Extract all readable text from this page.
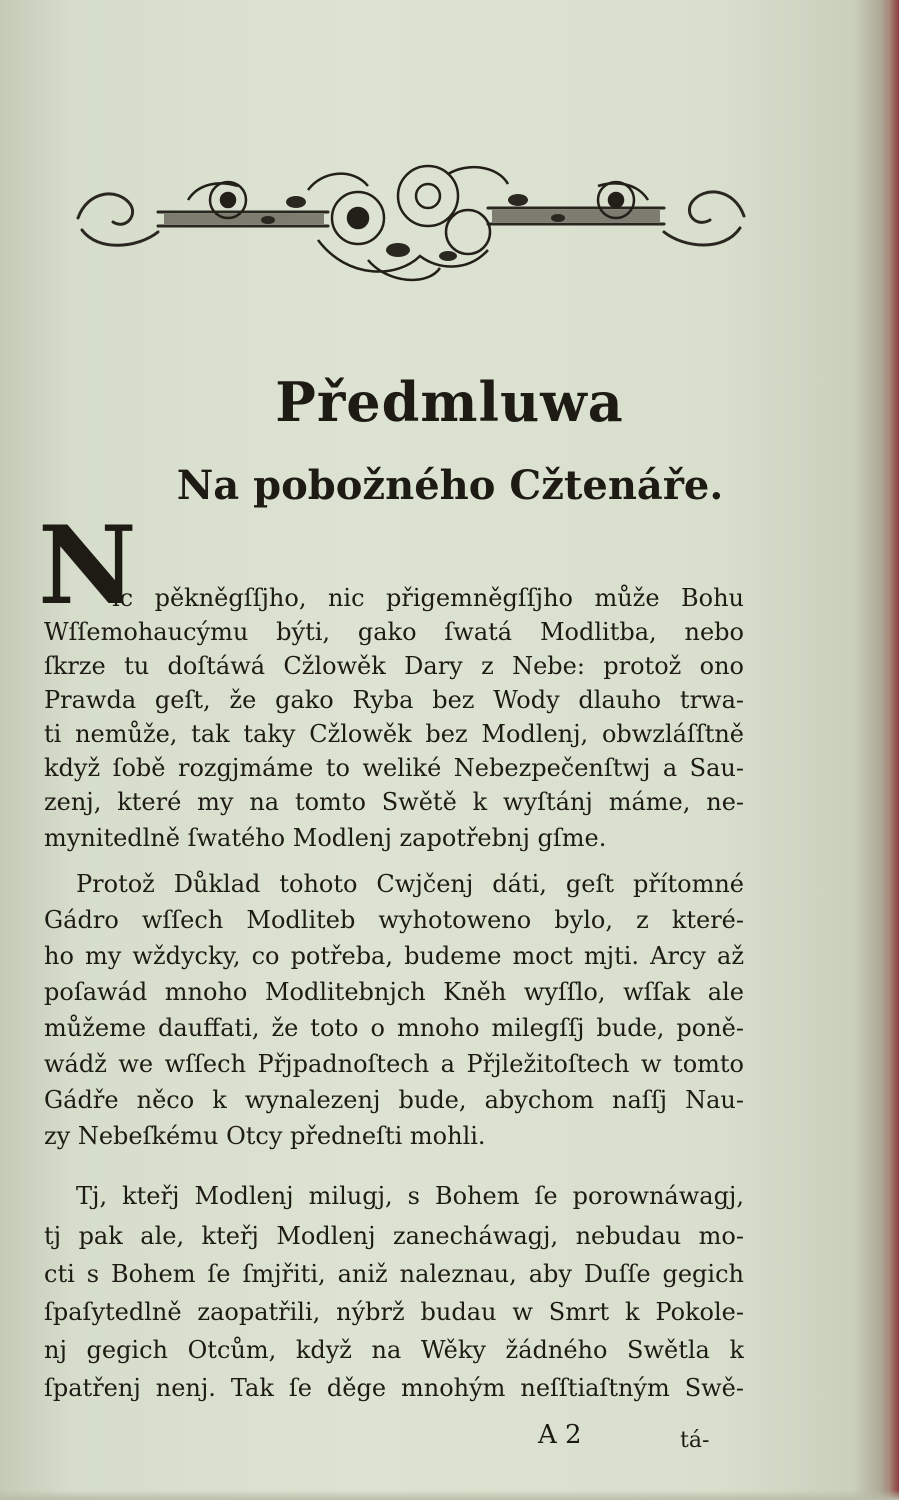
Předmluwa
Na pobožného Cžtenáře.
N
ic pěkněgſſjho, nic přigemněgſſjho může Bohu
Wſſemohaucýmu býti, gako ſwatá Modlitba, nebo
ſkrze tu doſtáwá Cžlowěk Dary z Nebe: protož ono
Prawda geſt, že gako Ryba bez Wody dlauho trwa-
ti nemůže, tak taky Cžlowěk bez Modlenj, obwzláſſtně
když ſobě rozgjmáme to weliké Nebezpečenſtwj a Sau-
zenj, které my na tomto Swětě k wyſtánj máme, ne-
mynitedlně ſwatého Modlenj zapotřebnj gſme.
Protož Důklad tohoto Cwjčenj dáti, geſt přítomné
Gádro wſſech Modliteb wyhotoweno bylo, z které-
ho my wždycky, co potřeba, budeme moct mjti. Arcy až
poſawád mnoho Modlitebnjch Kněh wyſſlo, wſſak ale
můžeme dauffati, že toto o mnoho milegſſj bude, poně-
wádž we wſſech Přjpadnoſtech a Přjležitoſtech w tomto
Gádře něco k wynalezenj bude, abychom naſſj Nau-
zy Nebeſkému Otcy předneſti mohli.
Tj, kteřj Modlenj milugj, s Bohem ſe porownáwagj,
tj pak ale, kteřj Modlenj zanecháwagj, nebudau mo-
cti s Bohem ſe ſmjřiti, aniž naleznau, aby Duſſe gegich
ſpaſytedlně zaopatřili, nýbrž budau w Smrt k Pokole-
nj gegich Otcům, když na Wěky žádného Swětla k
ſpatřenj nenj. Tak ſe děge mnohým neſſtiaſtným Swě-
A 2	tá-
